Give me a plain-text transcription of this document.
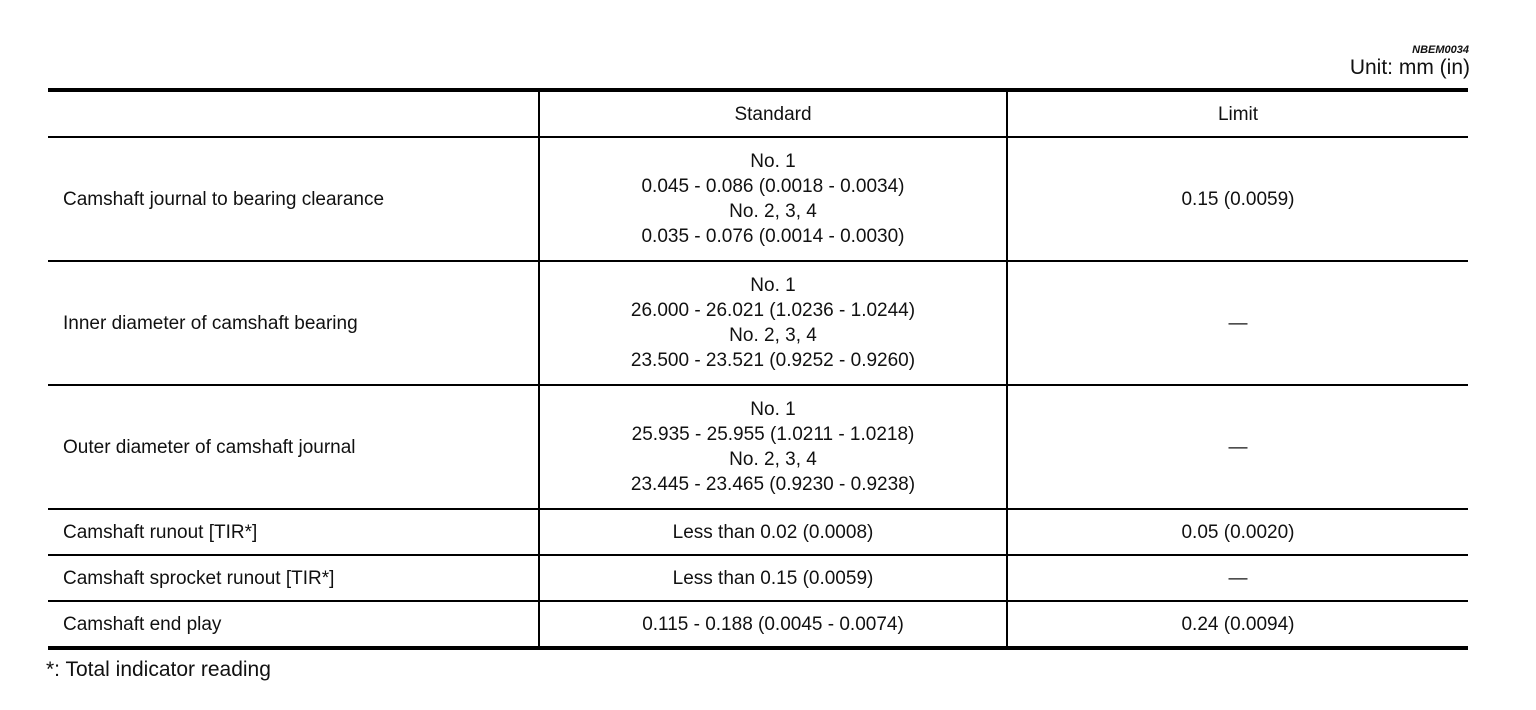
NBEM0034
Unit: mm (in)
	Standard	Limit
Camshaft journal to bearing clearance	No. 1
0.045 - 0.086 (0.0018 - 0.0034)
No. 2, 3, 4
0.035 - 0.076 (0.0014 - 0.0030)	0.15 (0.0059)
Inner diameter of camshaft bearing	No. 1
26.000 - 26.021 (1.0236 - 1.0244)
No. 2, 3, 4
23.500 - 23.521 (0.9252 - 0.9260)	—
Outer diameter of camshaft journal	No. 1
25.935 - 25.955 (1.0211 - 1.0218)
No. 2, 3, 4
23.445 - 23.465 (0.9230 - 0.9238)	—
Camshaft runout [TIR*]	Less than 0.02 (0.0008)	0.05 (0.0020)
Camshaft sprocket runout [TIR*]	Less than 0.15 (0.0059)	—
Camshaft end play	0.115 - 0.188 (0.0045 - 0.0074)	0.24 (0.0094)
*: Total indicator reading
